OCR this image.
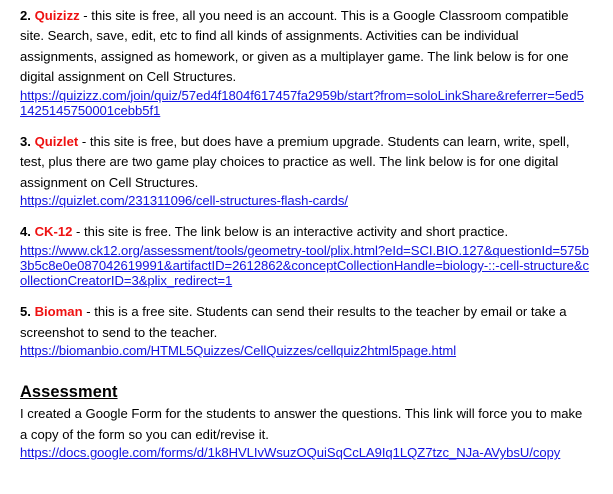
2. Quizizz - this site is free, all you need is an account. This is a Google Classroom compatible site. Search, save, edit, etc to find all kinds of assignments. Activities can be individual assignments, assigned as homework, or given as a multiplayer game. The link below is for one digital assignment on Cell Structures.
https://quizizz.com/join/quiz/57ed4f1804f617457fa2959b/start?from=soloLinkShare&referrer=5ed51425145750001cebb5f1
3. Quizlet - this site is free, but does have a premium upgrade. Students can learn, write, spell, test, plus there are two game play choices to practice as well. The link below is for one digital assignment on Cell Structures.
https://quizlet.com/231311096/cell-structures-flash-cards/
4. CK-12 - this site is free. The link below is an interactive activity and short practice.
https://www.ck12.org/assessment/tools/geometry-tool/plix.html?eId=SCI.BIO.127&questionId=575b3b5c8e0e087042619991&artifactID=2612862&conceptCollectionHandle=biology-::-cell-structure&collectionCreatorID=3&plix_redirect=1
5. Bioman - this is a free site. Students can send their results to the teacher by email or take a screenshot to send to the teacher.
https://biomanbio.com/HTML5Quizzes/CellQuizzes/cellquiz2html5page.html
Assessment
I created a Google Form for the students to answer the questions. This link will force you to make a copy of the form so you can edit/revise it.
https://docs.google.com/forms/d/1k8HVLIvWsuzOQuiSqCcLA9Iq1LQZ7tzc_NJa-AVybsU/copy
